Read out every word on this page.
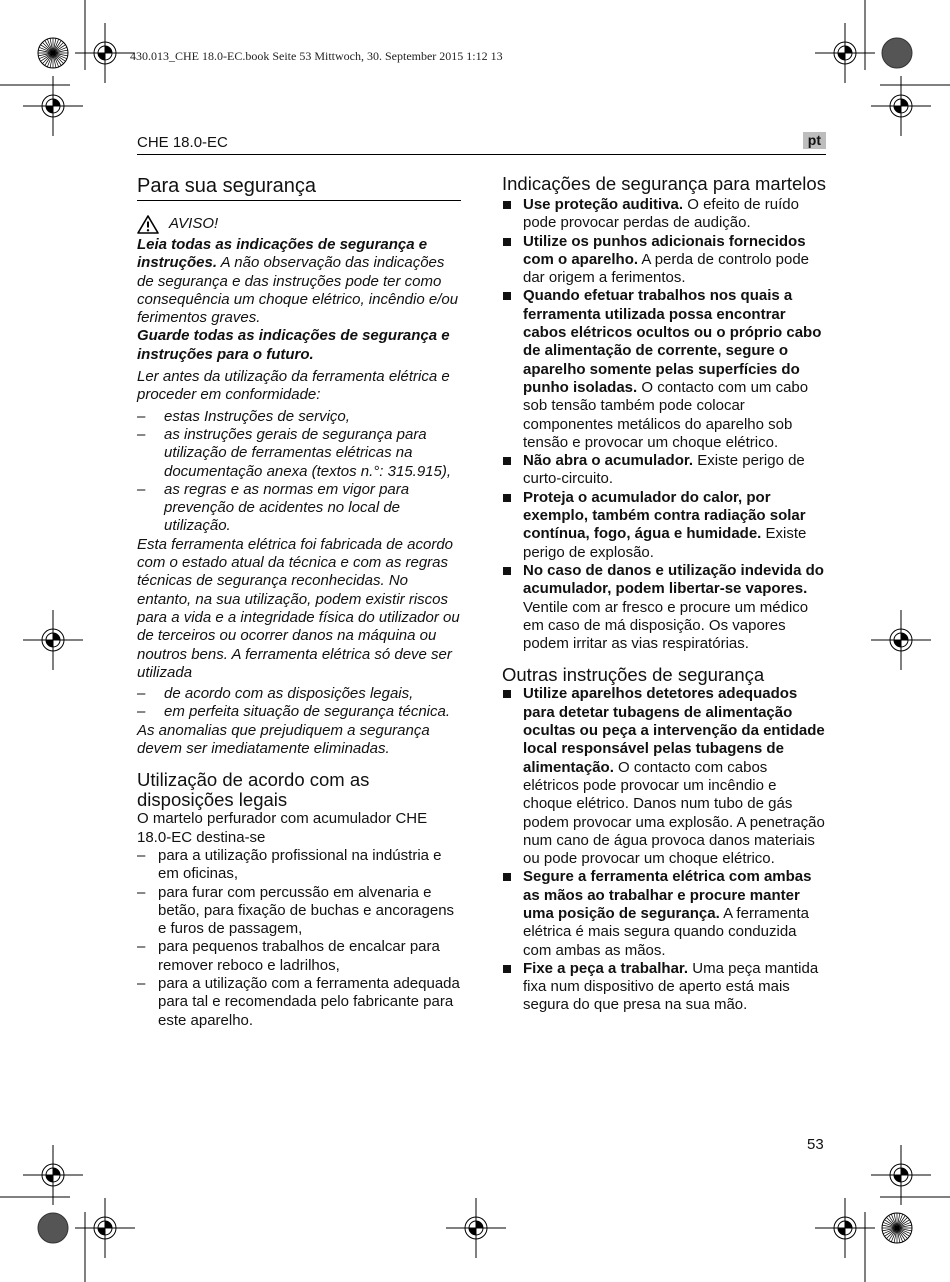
430.013_CHE 18.0-EC.book Seite 53 Mittwoch, 30. September 2015 1:12 13
CHE 18.0-EC	pt
Para sua segurança
AVISO!

Leia todas as indicações de segurança e instruções. A não observação das indicações de segurança e das instruções pode ter como consequência um choque elétrico, incêndio e/ou ferimentos graves.

Guarde todas as indicações de segurança e instruções para o futuro.

Ler antes da utilização da ferramenta elétrica e proceder em conformidade:

– estas Instruções de serviço,
– as instruções gerais de segurança para utilização de ferramentas elétricas na documentação anexa (textos n.°: 315.915),
– as regras e as normas em vigor para prevenção de acidentes no local de utilização.

Esta ferramenta elétrica foi fabricada de acordo com o estado atual da técnica e com as regras técnicas de segurança reconhecidas. No entanto, na sua utilização, podem existir riscos para a vida e a integridade física do utilizador ou de terceiros ou ocorrer danos na máquina ou noutros bens. A ferramenta elétrica só deve ser utilizada

– de acordo com as disposições legais,
– em perfeita situação de segurança técnica.

As anomalias que prejudiquem a segurança devem ser imediatamente eliminadas.

Utilização de acordo com as disposições legais

O martelo perfurador com acumulador CHE 18.0-EC destina-se

– para a utilização profissional na indústria e em oficinas,
– para furar com percussão em alvenaria e betão, para fixação de buchas e ancoragens e furos de passagem,
– para pequenos trabalhos de encalcar para remover reboco e ladrilhos,
– para a utilização com a ferramenta adequada para tal e recomendada pelo fabricante para este aparelho.
Indicações de segurança para martelos
Use proteção auditiva. O efeito de ruído pode provocar perdas de audição.
Utilize os punhos adicionais fornecidos com o aparelho. A perda de controlo pode dar origem a ferimentos.
Quando efetuar trabalhos nos quais a ferramenta utilizada possa encontrar cabos elétricos ocultos ou o próprio cabo de alimentação de corrente, segure o aparelho somente pelas superfícies do punho isoladas. O contacto com um cabo sob tensão também pode colocar componentes metálicos do aparelho sob tensão e provocar um choque elétrico.
Não abra o acumulador. Existe perigo de curto-circuito.
Proteja o acumulador do calor, por exemplo, também contra radiação solar contínua, fogo, água e humidade. Existe perigo de explosão.
No caso de danos e utilização indevida do acumulador, podem libertar-se vapores. Ventile com ar fresco e procure um médico em caso de má disposição. Os vapores podem irritar as vias respiratórias.
Outras instruções de segurança
Utilize aparelhos detetores adequados para detetar tubagens de alimentação ocultas ou peça a intervenção da entidade local responsável pelas tubagens de alimentação. O contacto com cabos elétricos pode provocar um incêndio e choque elétrico. Danos num tubo de gás podem provocar uma explosão. A penetração num cano de água provoca danos materiais ou pode provocar um choque elétrico.
Segure a ferramenta elétrica com ambas as mãos ao trabalhar e procure manter uma posição de segurança. A ferramenta elétrica é mais segura quando conduzida com ambas as mãos.
Fixe a peça a trabalhar. Uma peça mantida fixa num dispositivo de aperto está mais segura do que presa na sua mão.
53
